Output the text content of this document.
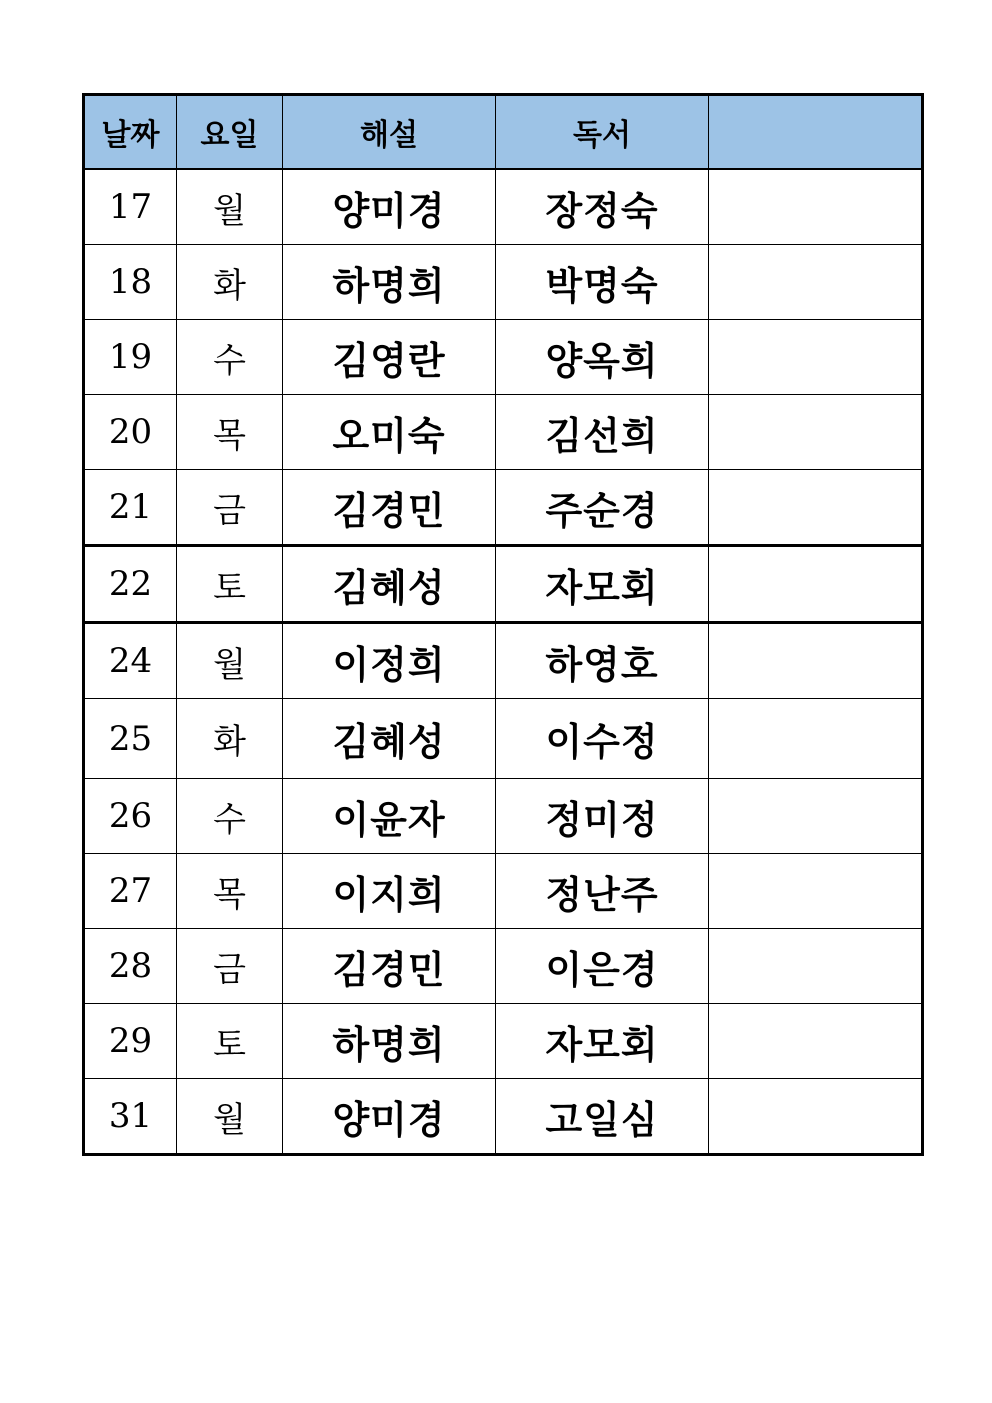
날짜	요일	해설	독서	
17	월	양미경	장정숙	
18	화	하명희	박명숙	
19	수	김영란	양옥희	
20	목	오미숙	김선희	
21	금	김경민	주순경	
22	토	김혜성	자모회	
24	월	이정희	하영호	
25	화	김혜성	이수정	
26	수	이윤자	정미정	
27	목	이지희	정난주	
28	금	김경민	이은경	
29	토	하명희	자모회	
31	월	양미경	고일심	
